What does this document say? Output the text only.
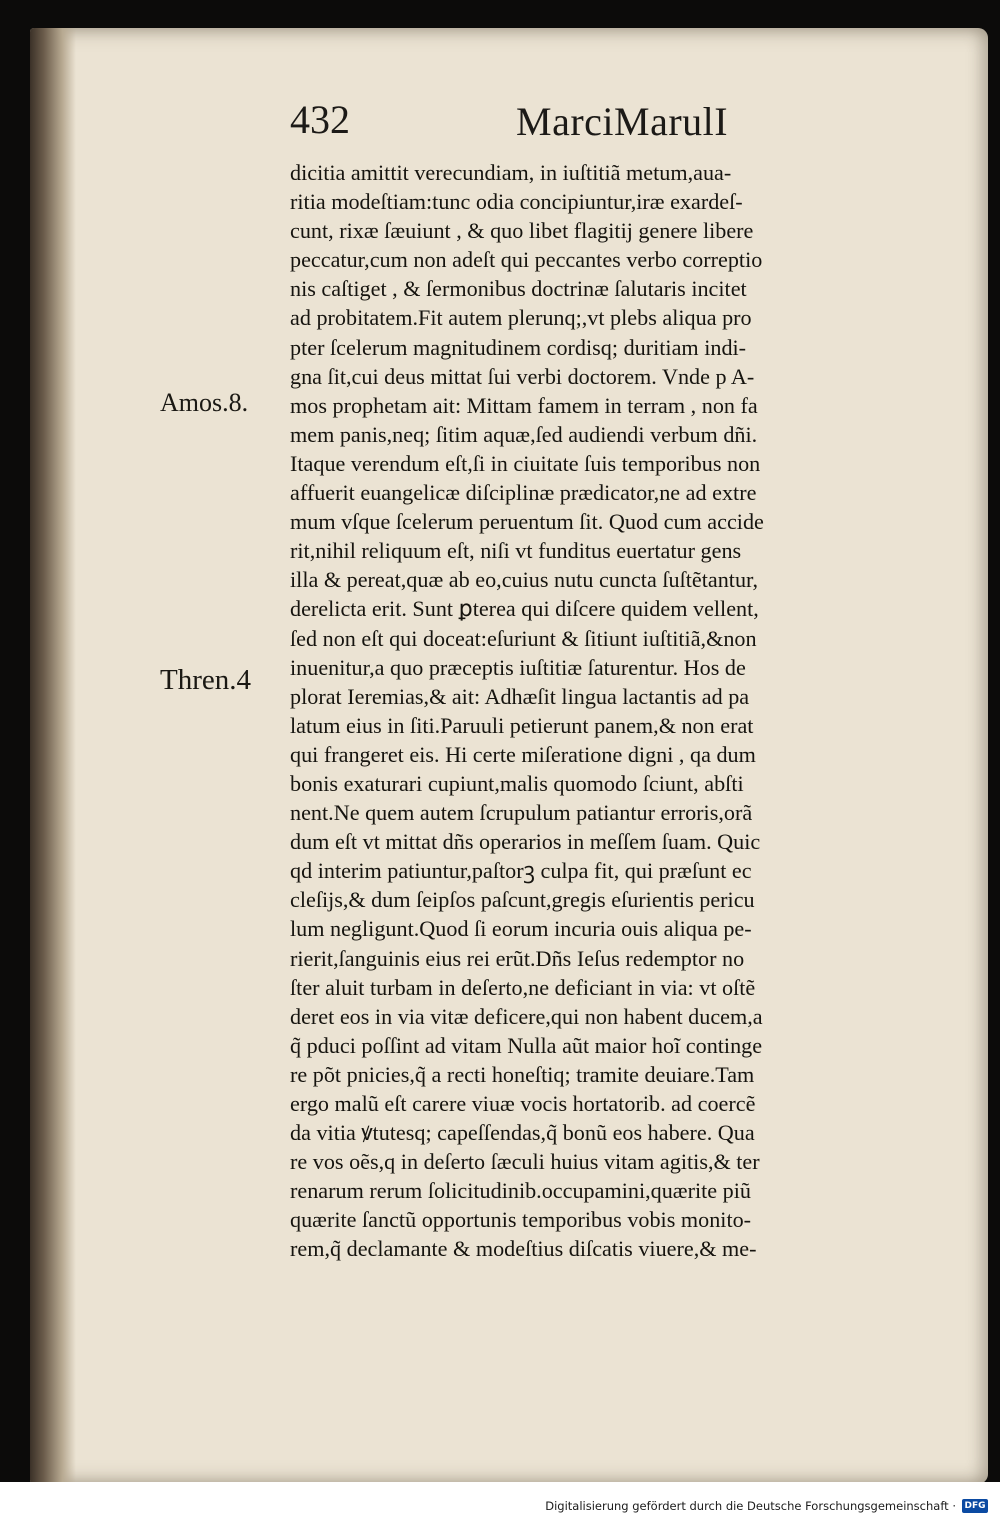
432	MarciMarulI
Amos.8.
Thren.4
dicitia amittit verecundiam, in iuſtitiã metum,aua-
ritia modeſtiam:tunc odia concipiuntur,iræ exardeſ-
cunt, rixæ ſæuiunt , & quo libet flagitĳ genere libere
peccatur,cum non adeſt qui peccantes verbo correptio
nis caſtiget , & ſermonibus doctrinæ ſalutaris incitet
ad probitatem.Fit autem plerunq;,vt plebs aliqua pro
pter ſcelerum magnitudinem cordisq; duritiam indi-
gna ſit,cui deus mittat ſui verbi doctorem. Vnde p A-
mos prophetam ait: Mittam famem in terram , non fa
mem panis,neq; ſitim aquæ,ſed audiendi verbum dñi.
Itaque verendum eſt,ſi in ciuitate ſuis temporibus non
affuerit euangelicæ diſciplinæ prædicator,ne ad extre
mum vſque ſcelerum peruentum ſit. Quod cum accide
rit,nihil reliquum eſt, niſi vt funditus euertatur gens
illa & pereat,quæ ab eo,cuius nutu cuncta ſuſtẽtantur,
derelicta erit. Sunt ꝑterea qui diſcere quidem vellent,
ſed non eſt qui doceat:eſuriunt & ſitiunt iuſtitiã,&non
inuenitur,a quo præceptis iuſtitiæ ſaturentur. Hos de
plorat Ieremias,& ait: Adhæſit lingua lactantis ad pa
latum eius in ſiti.Paruuli petierunt panem,& non erat
qui frangeret eis. Hi certe miſeratione digni , qa dum
bonis exaturari cupiunt,malis quomodo ſciunt, abſti
nent.Ne quem autem ſcrupulum patiantur erroris,orã
dum eſt vt mittat dñs operarios in meſſem ſuam. Quic
qd interim patiuntur,paſtorꝫ culpa fit, qui præſunt ec
cleſĳs,& dum ſeipſos paſcunt,gregis eſurientis pericu
lum negligunt.Quod ſi eorum incuria ouis aliqua pe-
rierit,ſanguinis eius rei erũt.Dñs Ieſus redemptor no
ſter aluit turbam in deſerto,ne deficiant in via: vt oſtẽ
deret eos in via vitæ deficere,qui non habent ducem,a
q̃ pduci poſſint ad vitam Nulla aũt maior hoĩ continge
re põt pnicies,q̃ a recti honeſtiq; tramite deuiare.Tam
ergo malũ eſt carere viuæ vocis hortatorib. ad coercẽ
da vitia ꝟtutesq; capeſſendas,q̃ bonũ eos habere. Qua
re vos oẽs,q in deſerto ſæculi huius vitam agitis,& ter
renarum rerum ſolicitudinib.occupamini,quærite piũ
quærite ſanctũ opportunis temporibus vobis monito-
rem,q̃ declamante & modeſtius diſcatis viuere,& me-
Digitalisierung gefördert durch die Deutsche Forschungsgemeinschaft · DFG
